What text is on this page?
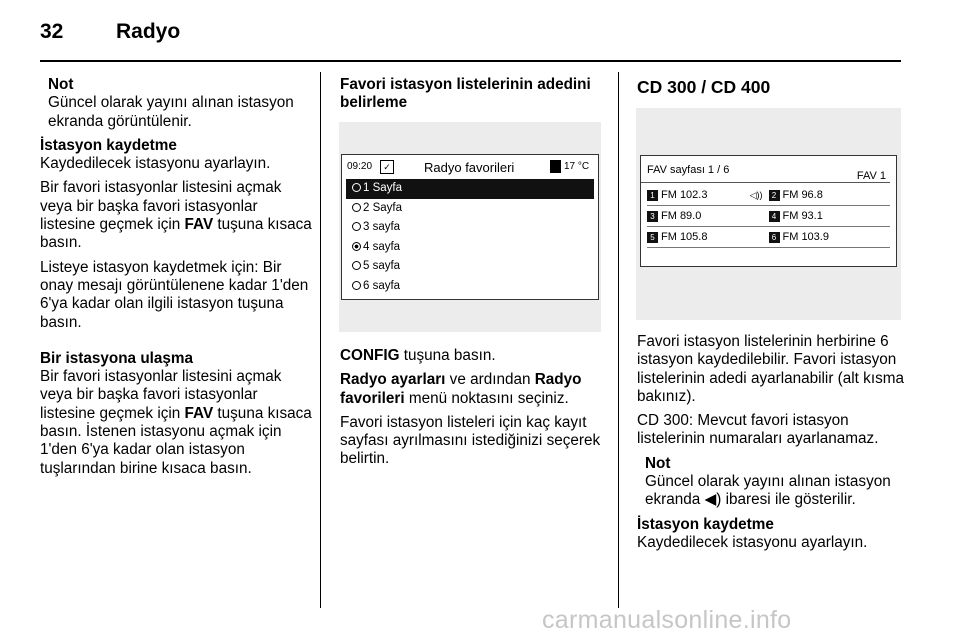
32	Radyo
Not
Güncel olarak yayını alınan istasyon ekranda görüntülenir.
İstasyon kaydetme

Kaydedilecek istasyonu ayarlayın.

Bir favori istasyonlar listesini açmak veya bir başka favori istasyonlar listesine geçmek için FAV tuşuna kısaca basın.

Listeye istasyon kaydetmek için: Bir onay mesajı görüntülenene kadar 1'den 6'ya kadar olan ilgili istasyon tuşuna basın.

Bir istasyona ulaşma

Bir favori istasyonlar listesini açmak veya bir başka favori istasyonlar listesine geçmek için FAV tuşuna kısaca basın. İstenen istasyonu açmak için 1'den 6'ya kadar olan istasyon tuşlarından birine kısaca basın.

Favori istasyon listelerinin adedini belirleme
09:20	✓	Radyo favorileri	17 °C
1 Sayfa
2 Sayfa
3 sayfa
4 sayfa
5 sayfa
6 sayfa

CONFIG tuşuna basın.

Radyo ayarları ve ardından Radyo favorileri menü noktasını seçiniz.

Favori istasyon listeleri için kaç kayıt sayfası ayrılmasını istediğinizi seçerek belirtin.

CD 300 / CD 400
FAV sayfası 1 / 6	FAV 1
1 FM 102.3	◁))	2 FM 96.8
3 FM 89.0	4 FM 93.1
5 FM 105.8	6 FM 103.9

Favori istasyon listelerinin herbirine 6 istasyon kaydedilebilir. Favori istasyon listelerinin adedi ayarlanabilir (alt kısma bakınız).

CD 300: Mevcut favori istasyon listelerinin numaraları ayarlanamaz.

Not
Güncel olarak yayını alınan istasyon ekranda ◀) ibaresi ile gösterilir.
İstasyon kaydetme

Kaydedilecek istasyonu ayarlayın.

carmanualsonline.info
